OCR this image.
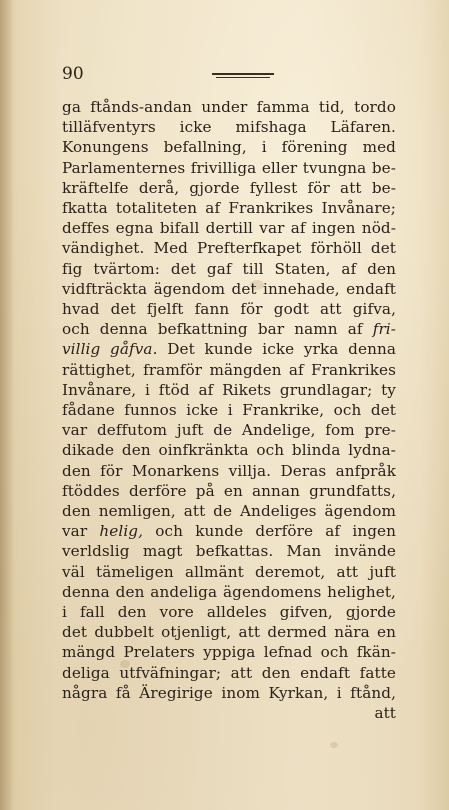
90
ga ftånds-andan under famma tid, tordo
tilläfventyrs icke mifshaga Läfaren.
Konungens befallning, i förening med
Parlamenternes frivilliga eller tvungna be-
kräftelfe derå, gjorde fyllest för att be-
fkatta totaliteten af Frankrikes Invånare;
deffes egna bifall dertill var af ingen nöd-
vändighet. Med Prefterfkapet förhöll det
fig tvärtom: det gaf till Staten, af den
vidfträckta ägendom det innehade, endaft
hvad det fjelft fann för godt att gifva,
och denna befkattning bar namn af fri-
villig gåfva. Det kunde icke yrka denna
rättighet, framför mängden af Frankrikes
Invånare, i ftöd af Rikets grundlagar; ty
fådane funnos icke i Frankrike, och det
var deffutom juft de Andelige, fom pre-
dikade den oinfkränkta och blinda lydna-
den för Monarkens villja. Deras anfpråk
ftöddes derföre på en annan grundfatts,
den nemligen, att de Andeliges ägendom
var helig, och kunde derföre af ingen
verldslig magt befkattas. Man invände
väl tämeligen allmänt deremot, att juft
denna den andeliga ägendomens helighet,
i fall den vore alldeles gifven, gjorde
det dubbelt otjenligt, att dermed nära en
mängd Prelaters yppiga lefnad och fkän-
deliga utfväfningar; att den endaft fatte
några få Äregirige inom Kyrkan, i ftånd,
att
